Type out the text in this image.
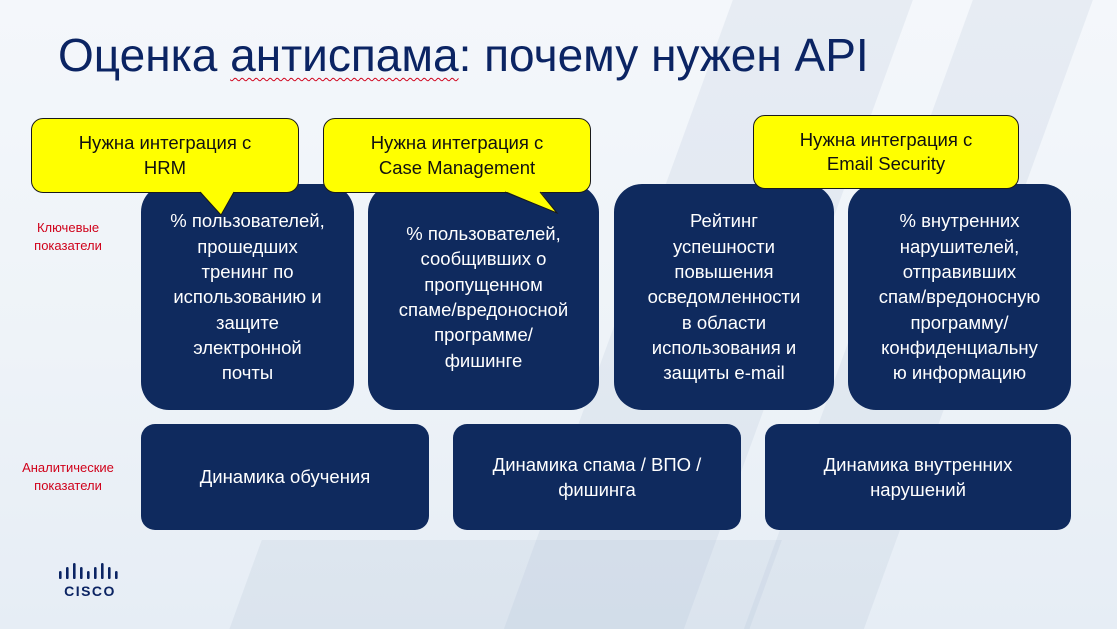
Оценка антиспама: почему нужен API
Ключевые
показатели
Аналитические
показатели
% пользователей,
прошедших
тренинг по
использованию и
защите
электронной
почты
% пользователей,
сообщивших о
пропущенном
спаме/вредоносной
программе/
фишинге
Рейтинг
успешности
повышения
осведомленности
в области
использования и
защиты e-mail
% внутренних
нарушителей,
отправивших
спам/вредоносную
программу/
конфиденциальну
ю информацию
Динамика обучения
Динамика спама / ВПО /
фишинга
Динамика внутренних
нарушений
Нужна интеграция с
HRM
Нужна интеграция с
Case Management
Нужна интеграция с
Email Security
CISCO
